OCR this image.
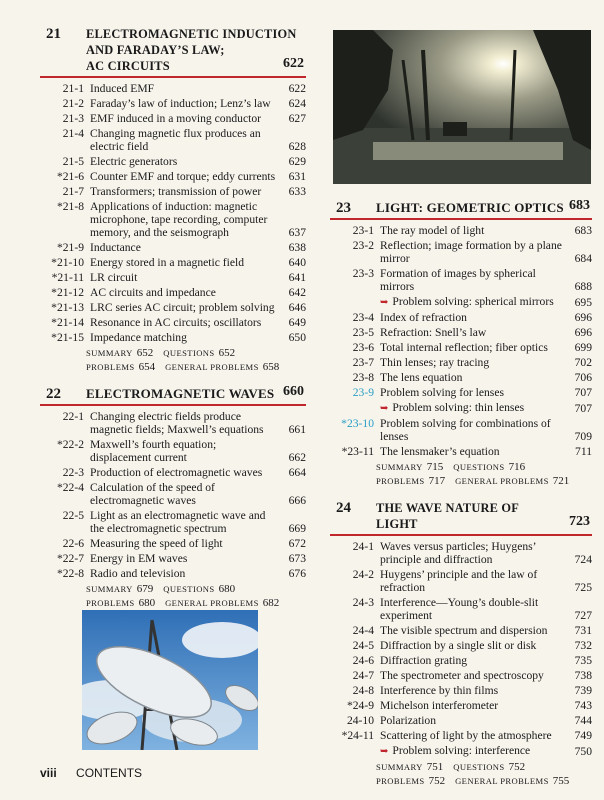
21 ELECTROMAGNETIC INDUCTION
AND FARADAY’S LAW;
AC CIRCUITS	622
21-1 Induced EMF	622
21-2 Faraday’s law of induction; Lenz’s law	624
21-3 EMF induced in a moving conductor	627
21-4 Changing magnetic flux produces an electric field	628
21-5 Electric generators	629
*21-6 Counter EMF and torque; eddy currents	631
21-7 Transformers; transmission of power	633
*21-8 Applications of induction: magnetic microphone, tape recording, computer memory, and the seismograph	637
*21-9 Inductance	638
*21-10 Energy stored in a magnetic field	640
*21-11 LR circuit	641
*21-12 AC circuits and impedance	642
*21-13 LRC series AC circuit; problem solving	646
*21-14 Resonance in AC circuits; oscillators	649
*21-15 Impedance matching	650
SUMMARY 652 QUESTIONS 652
PROBLEMS 654 GENERAL PROBLEMS 658
22 ELECTROMAGNETIC WAVES 660
22-1 Changing electric fields produce magnetic fields; Maxwell’s equations	661
*22-2 Maxwell’s fourth equation; displacement current	662
22-3 Production of electromagnetic waves	664
*22-4 Calculation of the speed of electromagnetic waves	666
22-5 Light as an electromagnetic wave and the electromagnetic spectrum	669
22-6 Measuring the speed of light	672
*22-7 Energy in EM waves	673
*22-8 Radio and television	676
SUMMARY 679 QUESTIONS 680
PROBLEMS 680 GENERAL PROBLEMS 682
23 LIGHT: GEOMETRIC OPTICS 683
23-1 The ray model of light	683
23-2 Reflection; image formation by a plane mirror	684
23-3 Formation of images by spherical mirrors	688
➥ Problem solving: spherical mirrors	695
23-4 Index of refraction	696
23-5 Refraction: Snell’s law	696
23-6 Total internal reflection; fiber optics	699
23-7 Thin lenses; ray tracing	702
23-8 The lens equation	706
23-9 Problem solving for lenses	707
➥ Problem solving: thin lenses	707
*23-10 Problem solving for combinations of lenses	709
*23-11 The lensmaker’s equation	711
SUMMARY 715 QUESTIONS 716
PROBLEMS 717 GENERAL PROBLEMS 721
24 THE WAVE NATURE OF
LIGHT	723
24-1 Waves versus particles; Huygens’ principle and diffraction	724
24-2 Huygens’ principle and the law of refraction	725
24-3 Interference—Young’s double-slit experiment	727
24-4 The visible spectrum and dispersion	731
24-5 Diffraction by a single slit or disk	732
24-6 Diffraction grating	735
24-7 The spectrometer and spectroscopy	738
24-8 Interference by thin films	739
*24-9 Michelson interferometer	743
24-10 Polarization	744
*24-11 Scattering of light by the atmosphere	749
➥ Problem solving: interference	750
SUMMARY 751 QUESTIONS 752
PROBLEMS 752 GENERAL PROBLEMS 755
viii CONTENTS
